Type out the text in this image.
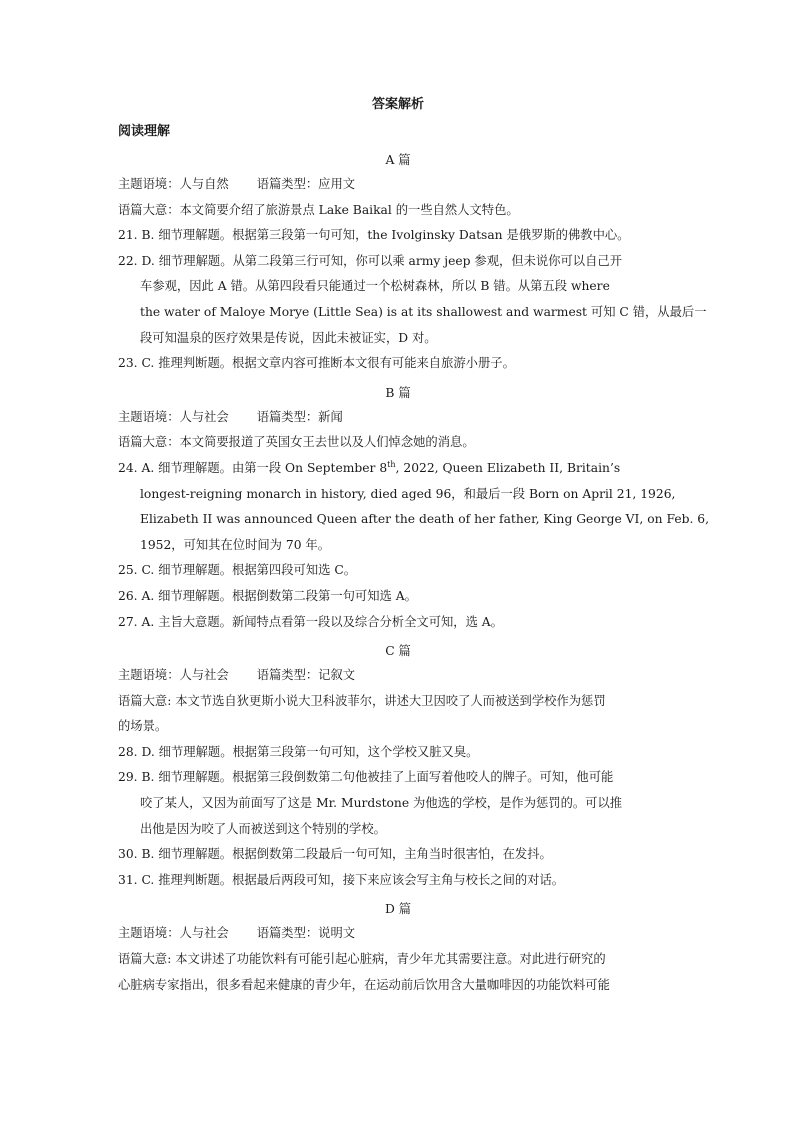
答案解析
阅读理解
A 篇
主题语境：人与自然 语篇类型：应用文
语篇大意：本文简要介绍了旅游景点 Lake Baikal 的一些自然人文特色。
21. B. 细节理解题。根据第三段第一句可知，the Ivolginsky Datsan 是俄罗斯的佛教中心。
22. D. 细节理解题。从第二段第三行可知，你可以乘 army jeep 参观，但未说你可以自己开
车参观，因此 A 错。从第四段看只能通过一个松树森林，所以 B 错。从第五段 where
the water of Maloye Morye (Little Sea) is at its shallowest and warmest 可知 C 错，从最后一
段可知温泉的医疗效果是传说，因此未被证实，D 对。
23. C. 推理判断题。根据文章内容可推断本文很有可能来自旅游小册子。
B 篇
主题语境：人与社会 语篇类型：新闻
语篇大意：本文简要报道了英国女王去世以及人们悼念她的消息。
24. A. 细节理解题。由第一段 On September 8th, 2022, Queen Elizabeth II, Britain’s
longest-reigning monarch in history, died aged 96，和最后一段 Born on April 21, 1926,
Elizabeth II was announced Queen after the death of her father, King George VI, on Feb. 6,
1952，可知其在位时间为 70 年。
25. C. 细节理解题。根据第四段可知选 C。
26. A. 细节理解题。根据倒数第二段第一句可知选 A。
27. A. 主旨大意题。新闻特点看第一段以及综合分析全文可知，选 A。
C 篇
主题语境：人与社会 语篇类型：记叙文
语篇大意: 本文节选自狄更斯小说大卫科波菲尔，讲述大卫因咬了人而被送到学校作为惩罚
的场景。
28. D. 细节理解题。根据第三段第一句可知，这个学校又脏又臭。
29. B. 细节理解题。根据第三段倒数第二句他被挂了上面写着他咬人的牌子。可知，他可能
咬了某人，又因为前面写了这是 Mr. Murdstone 为他选的学校，是作为惩罚的。可以推
出他是因为咬了人而被送到这个特别的学校。
30. B. 细节理解题。根据倒数第二段最后一句可知，主角当时很害怕，在发抖。
31. C. 推理判断题。根据最后两段可知，接下来应该会写主角与校长之间的对话。
D 篇
主题语境：人与社会 语篇类型：说明文
语篇大意: 本文讲述了功能饮料有可能引起心脏病，青少年尤其需要注意。对此进行研究的
心脏病专家指出，很多看起来健康的青少年，在运动前后饮用含大量咖啡因的功能饮料可能
